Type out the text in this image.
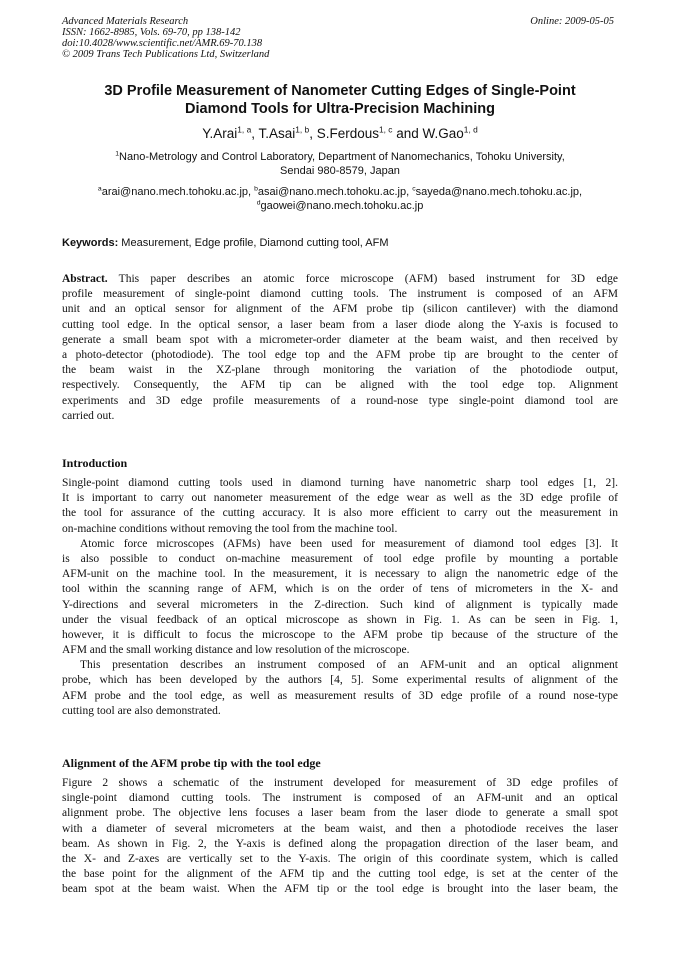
Advanced Materials Research
ISSN: 1662-8985, Vols. 69-70, pp 138-142
doi:10.4028/www.scientific.net/AMR.69-70.138
© 2009 Trans Tech Publications Ltd, Switzerland
Online: 2009-05-05
3D Profile Measurement of Nanometer Cutting Edges of Single-Point
Diamond Tools for Ultra-Precision Machining
Y.Arai$^{1, a}$, T.Asai$^{1, b}$, S.Ferdous$^{1, c}$ and W.Gao$^{1, d}$
$^1$Nano-Metrology and Control Laboratory, Department of Nanomechanics, Tohoku University,
Sendai 980-8579, Japan
$^a$arai@nano.mech.tohoku.ac.jp, $^b$asai@nano.mech.tohoku.ac.jp, $^c$sayeda@nano.mech.tohoku.ac.jp,
$^d$gaowei@nano.mech.tohoku.ac.jp
Keywords: Measurement, Edge profile, Diamond cutting tool, AFM
Abstract. This paper describes an atomic force microscope (AFM) based instrument for 3D edge
profile measurement of single-point diamond cutting tools. The instrument is composed of an AFM
unit and an optical sensor for alignment of the AFM probe tip (silicon cantilever) with the diamond
cutting tool edge. In the optical sensor, a laser beam from a laser diode along the Y-axis is focused to
generate a small beam spot with a micrometer-order diameter at the beam waist, and then received by
a photo-detector (photodiode). The tool edge top and the AFM probe tip are brought to the center of
the beam waist in the XZ-plane through monitoring the variation of the photodiode output,
respectively. Consequently, the AFM tip can be aligned with the tool edge top. Alignment
experiments and 3D edge profile measurements of a round-nose type single-point diamond tool are
carried out.
Introduction
Single-point diamond cutting tools used in diamond turning have nanometric sharp tool edges [1, 2].
It is important to carry out nanometer measurement of the edge wear as well as the 3D edge profile of
the tool for assurance of the cutting accuracy. It is also more efficient to carry out the measurement in
on-machine conditions without removing the tool from the machine tool.
Atomic force microscopes (AFMs) have been used for measurement of diamond tool edges [3]. It
is also possible to conduct on-machine measurement of tool edge profile by mounting a portable
AFM-unit on the machine tool. In the measurement, it is necessary to align the nanometric edge of the
tool within the scanning range of AFM, which is on the order of tens of micrometers in the X- and
Y-directions and several micrometers in the Z-direction. Such kind of alignment is typically made
under the visual feedback of an optical microscope as shown in Fig. 1. As can be seen in Fig. 1,
however, it is difficult to focus the microscope to the AFM probe tip because of the structure of the
AFM and the small working distance and low resolution of the microscope.
This presentation describes an instrument composed of an AFM-unit and an optical alignment
probe, which has been developed by the authors [4, 5]. Some experimental results of alignment of the
AFM probe and the tool edge, as well as measurement results of 3D edge profile of a round nose-type
cutting tool are also demonstrated.
Alignment of the AFM probe tip with the tool edge
Figure 2 shows a schematic of the instrument developed for measurement of 3D edge profiles of
single-point diamond cutting tools. The instrument is composed of an AFM-unit and an optical
alignment probe. The objective lens focuses a laser beam from the laser diode to generate a small spot
with a diameter of several micrometers at the beam waist, and then a photodiode receives the laser
beam. As shown in Fig. 2, the Y-axis is defined along the propagation direction of the laser beam, and
the X- and Z-axes are vertically set to the Y-axis. The origin of this coordinate system, which is called
the base point for the alignment of the AFM tip and the cutting tool edge, is set at the center of the
beam spot at the beam waist. When the AFM tip or the tool edge is brought into the laser beam, the
